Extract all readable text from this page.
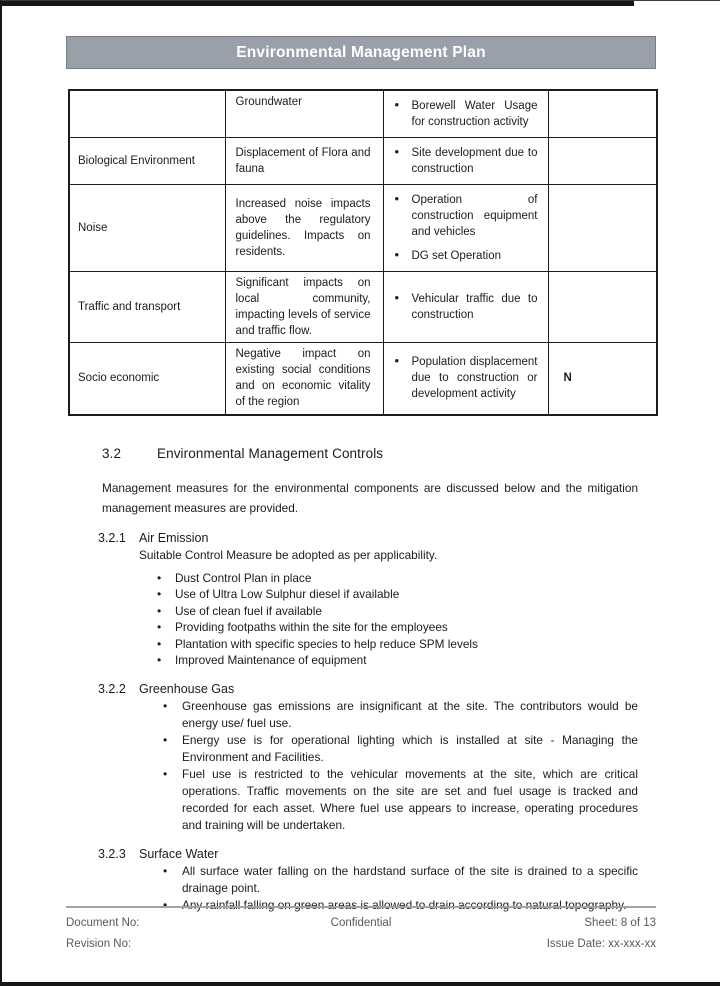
Environmental Management Plan
	Groundwater	• Borewell Water Usage for construction activity

Biological Environment	Displacement of Flora and fauna	• Site development due to construction

Noise	Increased noise impacts above the regulatory guidelines. Impacts on residents.	• Operation of construction equipment and vehicles
• DG set Operation

Traffic and transport	Significant impacts on local community, impacting levels of service and traffic flow.	• Vehicular traffic due to construction

Socio economic	Negative impact on existing social conditions and on economic vitality of the region	• Population displacement due to construction or development activity	N
3.2	Environmental Management Controls

Management measures for the environmental components are discussed below and the mitigation management measures are provided.

3.2.1 Air Emission

Suitable Control Measure be adopted as per applicability.

• Dust Control Plan in place
• Use of Ultra Low Sulphur diesel if available
• Use of clean fuel if available
• Providing footpaths within the site for the employees
• Plantation with specific species to help reduce SPM levels
• Improved Maintenance of equipment
3.2.2 Greenhouse Gas
• Greenhouse gas emissions are insignificant at the site. The contributors would be energy use/ fuel use.
• Energy use is for operational lighting which is installed at site - Managing the Environment and Facilities.
• Fuel use is restricted to the vehicular movements at the site, which are critical operations. Traffic movements on the site are set and fuel usage is tracked and recorded for each asset. Where fuel use appears to increase, operating procedures and training will be undertaken.
3.2.3 Surface Water
• All surface water falling on the hardstand surface of the site is drained to a specific drainage point.
• Any rainfall falling on green areas is allowed to drain according to natural topography.
Document No:
Revision No:
Confidential	Sheet: 8 of 13
Issue Date: xx-xxx-xx
